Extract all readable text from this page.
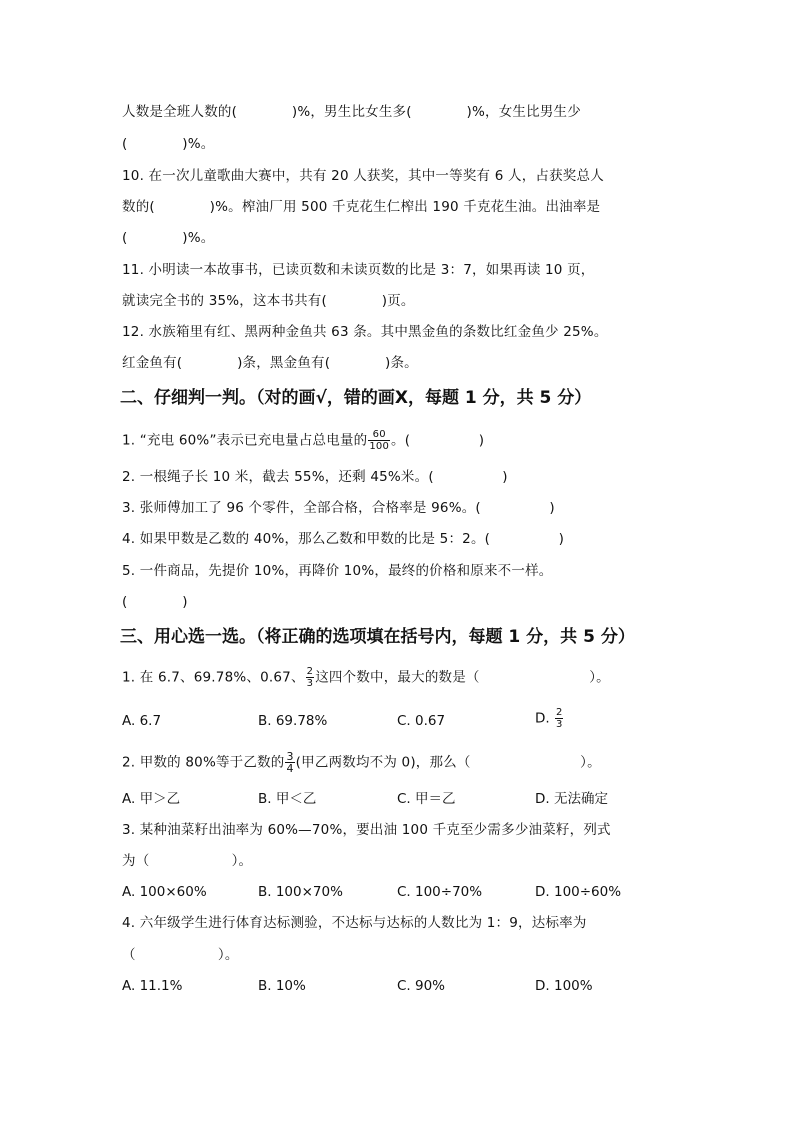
人数是全班人数的(　　　　)%，男生比女生多(　　　　)%，女生比男生少
(　　　　)%。
10. 在一次儿童歌曲大赛中，共有 20 人获奖，其中一等奖有 6 人，占获奖总人
数的(　　　　)%。榨油厂用 500 千克花生仁榨出 190 千克花生油。出油率是
(　　　　)%。
11. 小明读一本故事书，已读页数和未读页数的比是 3：7，如果再读 10 页，
就读完全书的 35%，这本书共有(　　　　)页。
12. 水族箱里有红、黑两种金鱼共 63 条。其中黑金鱼的条数比红金鱼少 25%。
红金鱼有(　　　　)条，黑金鱼有(　　　　)条。
二、仔细判一判。（对的画√，错的画Ⅹ，每题 1 分，共 5 分）
1. “充电 60%”表示已充电量占总电量的 $\frac{60}{100}$ 。(　　　　　)
2. 一根绳子长 10 米，截去 55%，还剩 45%米。(　　　　　)
3. 张师傅加工了 96 个零件，全部合格，合格率是 96%。(　　　　　)
4. 如果甲数是乙数的 40%，那么乙数和甲数的比是 5：2。(　　　　　)
5. 一件商品，先提价 10%，再降价 10%，最终的价格和原来不一样。
(　　　　)
三、用心选一选。（将正确的选项填在括号内，每题 1 分，共 5 分）
1. 在 6.7、69.78%、0.67、 $\frac{2}{3}$ 这四个数中，最大的数是（　　　　　　　　）。
A. 6.7	B. 69.78%	C. 0.67	D. $\frac{2}{3}$
2. 甲数的 80%等于乙数的 $\frac{3}{4}$ (甲乙两数均不为 0)，那么（　　　　　　　　）。
A. 甲＞乙	B. 甲＜乙	C. 甲＝乙	D. 无法确定
3. 某种油菜籽出油率为 60%—70%，要出油 100 千克至少需多少油菜籽，列式
为（　　　　　　）。
A. 100×60%	B. 100×70%	C. 100÷70%	D. 100÷60%
4. 六年级学生进行体育达标测验，不达标与达标的人数比为 1：9，达标率为
（　　　　　　）。
A. 11.1%	B. 10%	C. 90%	D. 100%
